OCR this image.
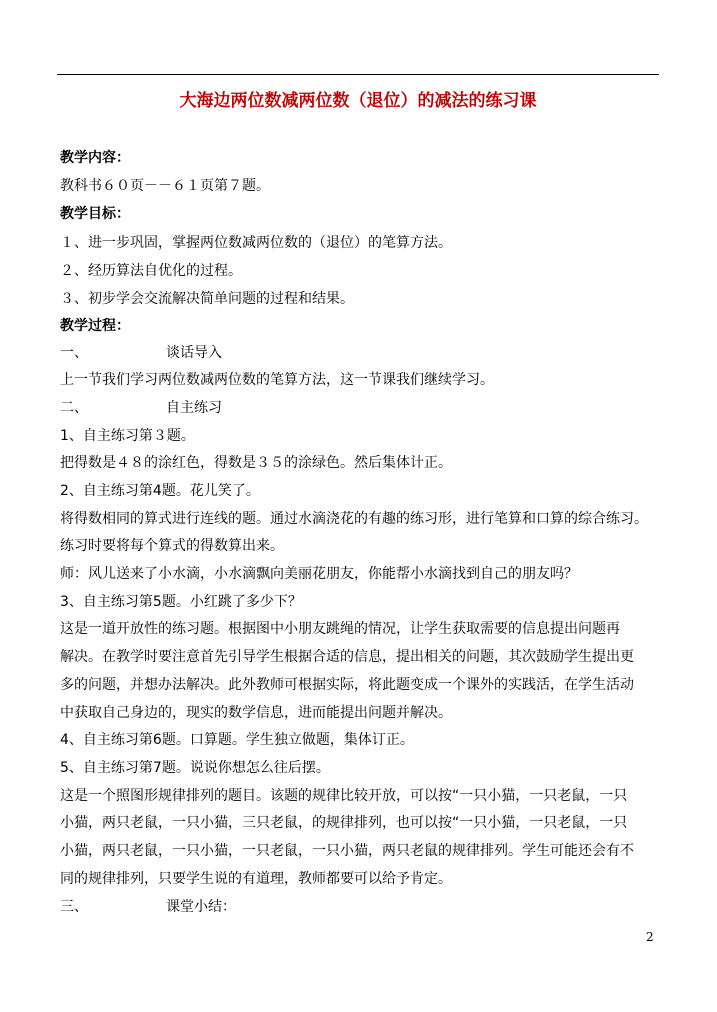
大海边两位数减两位数（退位）的减法的练习课
教学内容：
教科书６０页－－６１页第７题。
教学目标：
１、进一步巩固，掌握两位数减两位数的（退位）的笔算方法。
２、经历算法自优化的过程。
３、初步学会交流解决简单问题的过程和结果。
教学过程：
一、	谈话导入
上一节我们学习两位数减两位数的笔算方法，这一节课我们继续学习。
二、	自主练习
1、自主练习第３题。
把得数是４８的涂红色，得数是３５的涂绿色。然后集体计正。
2、自主练习第4题。花儿笑了。
将得数相同的算式进行连线的题。通过水滴浇花的有趣的练习形，进行笔算和口算的综合练习。
练习时要将每个算式的得数算出来。
师：风儿送来了小水滴，小水滴飘向美丽花朋友，你能帮小水滴找到自己的朋友吗？
3、自主练习第5题。小红跳了多少下？
这是一道开放性的练习题。根据图中小朋友跳绳的情况，让学生获取需要的信息提出问题再
解决。在教学时要注意首先引导学生根据合适的信息，提出相关的问题，其次鼓励学生提出更
多的问题，并想办法解决。此外教师可根据实际，将此题变成一个课外的实践活，在学生活动
中获取自己身边的，现实的数学信息，进而能提出问题并解决。
4、自主练习第6题。口算题。学生独立做题，集体订正。
5、自主练习第7题。说说你想怎么往后摆。
这是一个照图形规律排列的题目。该题的规律比较开放，可以按“一只小猫，一只老鼠，一只
小猫，两只老鼠，一只小猫，三只老鼠，的规律排列，也可以按“一只小猫，一只老鼠，一只
小猫，两只老鼠，一只小猫，一只老鼠，一只小猫，两只老鼠的规律排列。学生可能还会有不
同的规律排列，只要学生说的有道理，教师都要可以给予肯定。
三、	课堂小结：
2
